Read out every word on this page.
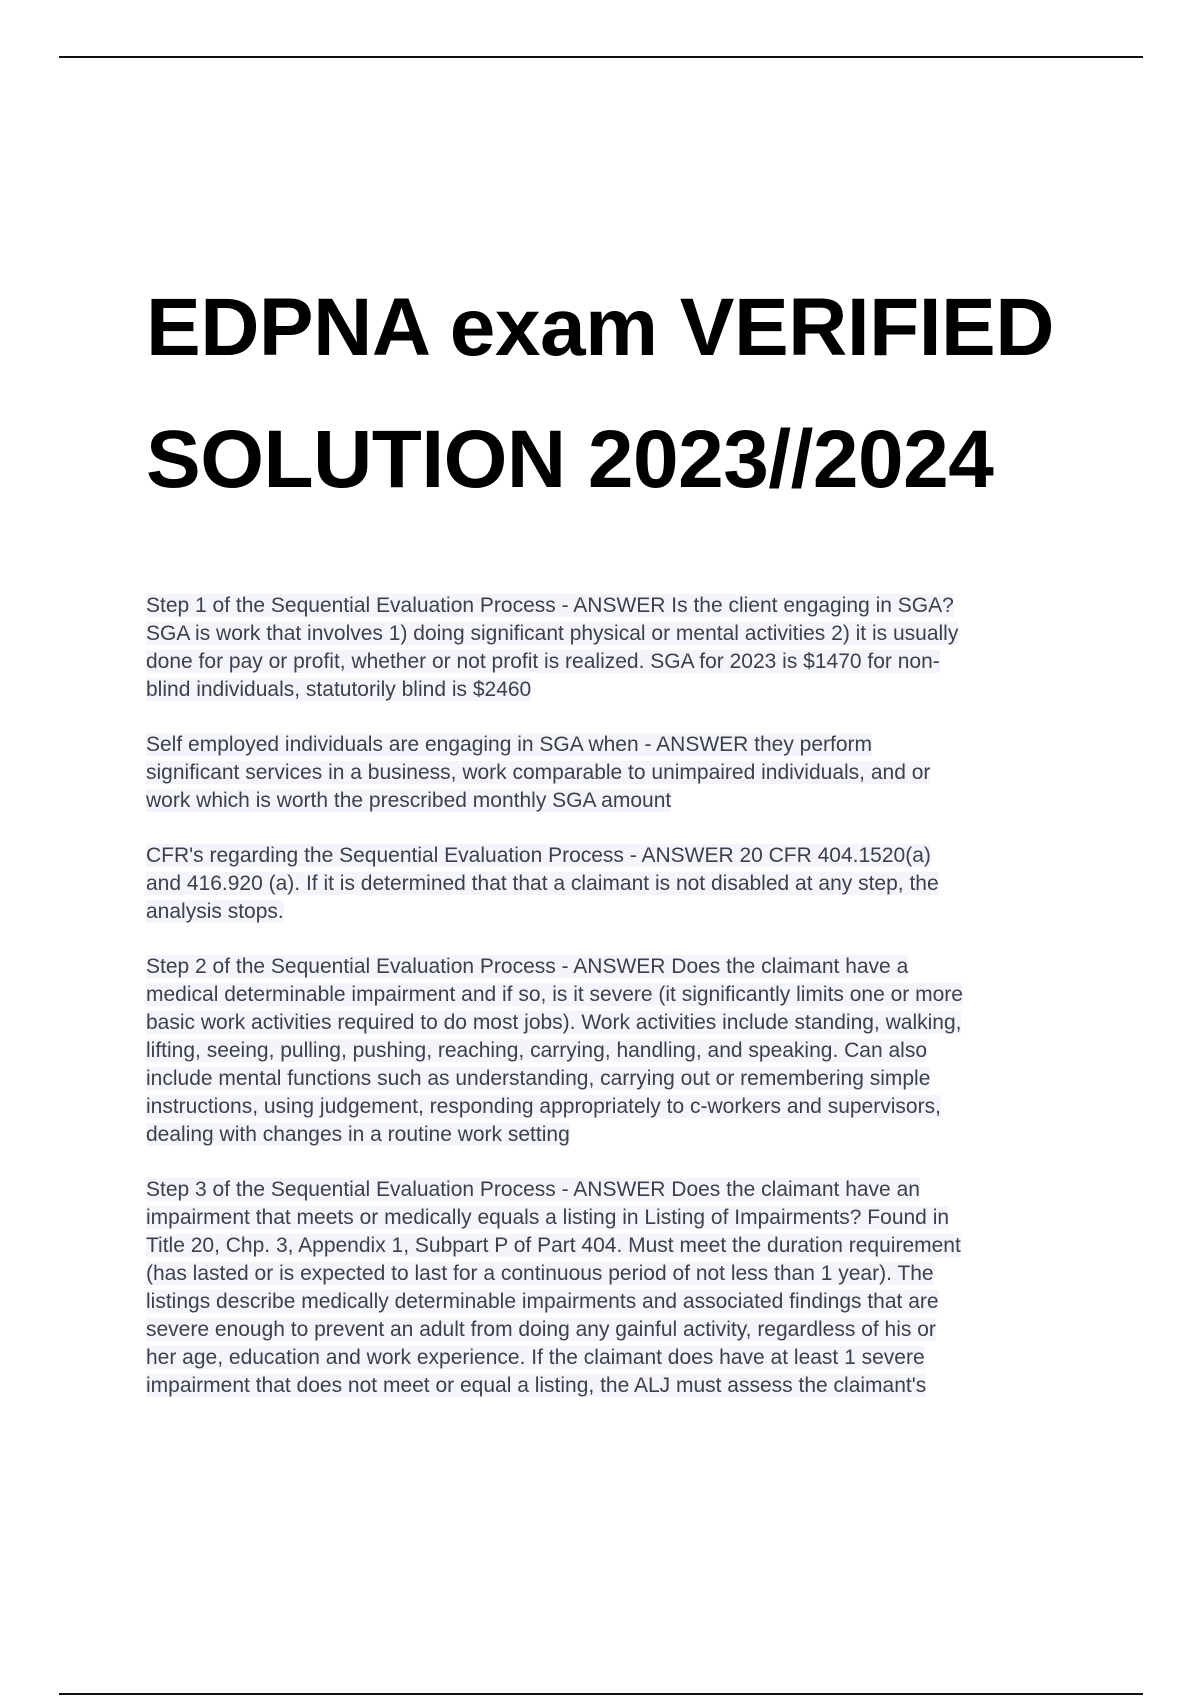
EDPNA exam VERIFIED
SOLUTION 2023//2024
Step 1 of the Sequential Evaluation Process - ANSWER Is the client engaging in SGA?
SGA is work that involves 1) doing significant physical or mental activities 2) it is usually
done for pay or profit, whether or not profit is realized. SGA for 2023 is $1470 for non-
blind individuals, statutorily blind is $2460
Self employed individuals are engaging in SGA when - ANSWER they perform
significant services in a business, work comparable to unimpaired individuals, and or
work which is worth the prescribed monthly SGA amount
CFR's regarding the Sequential Evaluation Process - ANSWER 20 CFR 404.1520(a)
and 416.920 (a). If it is determined that that a claimant is not disabled at any step, the
analysis stops.
Step 2 of the Sequential Evaluation Process - ANSWER Does the claimant have a
medical determinable impairment and if so, is it severe (it significantly limits one or more
basic work activities required to do most jobs). Work activities include standing, walking,
lifting, seeing, pulling, pushing, reaching, carrying, handling, and speaking. Can also
include mental functions such as understanding, carrying out or remembering simple
instructions, using judgement, responding appropriately to c-workers and supervisors,
dealing with changes in a routine work setting
Step 3 of the Sequential Evaluation Process - ANSWER Does the claimant have an
impairment that meets or medically equals a listing in Listing of Impairments? Found in
Title 20, Chp. 3, Appendix 1, Subpart P of Part 404. Must meet the duration requirement
(has lasted or is expected to last for a continuous period of not less than 1 year). The
listings describe medically determinable impairments and associated findings that are
severe enough to prevent an adult from doing any gainful activity, regardless of his or
her age, education and work experience. If the claimant does have at least 1 severe
impairment that does not meet or equal a listing, the ALJ must assess the claimant's
